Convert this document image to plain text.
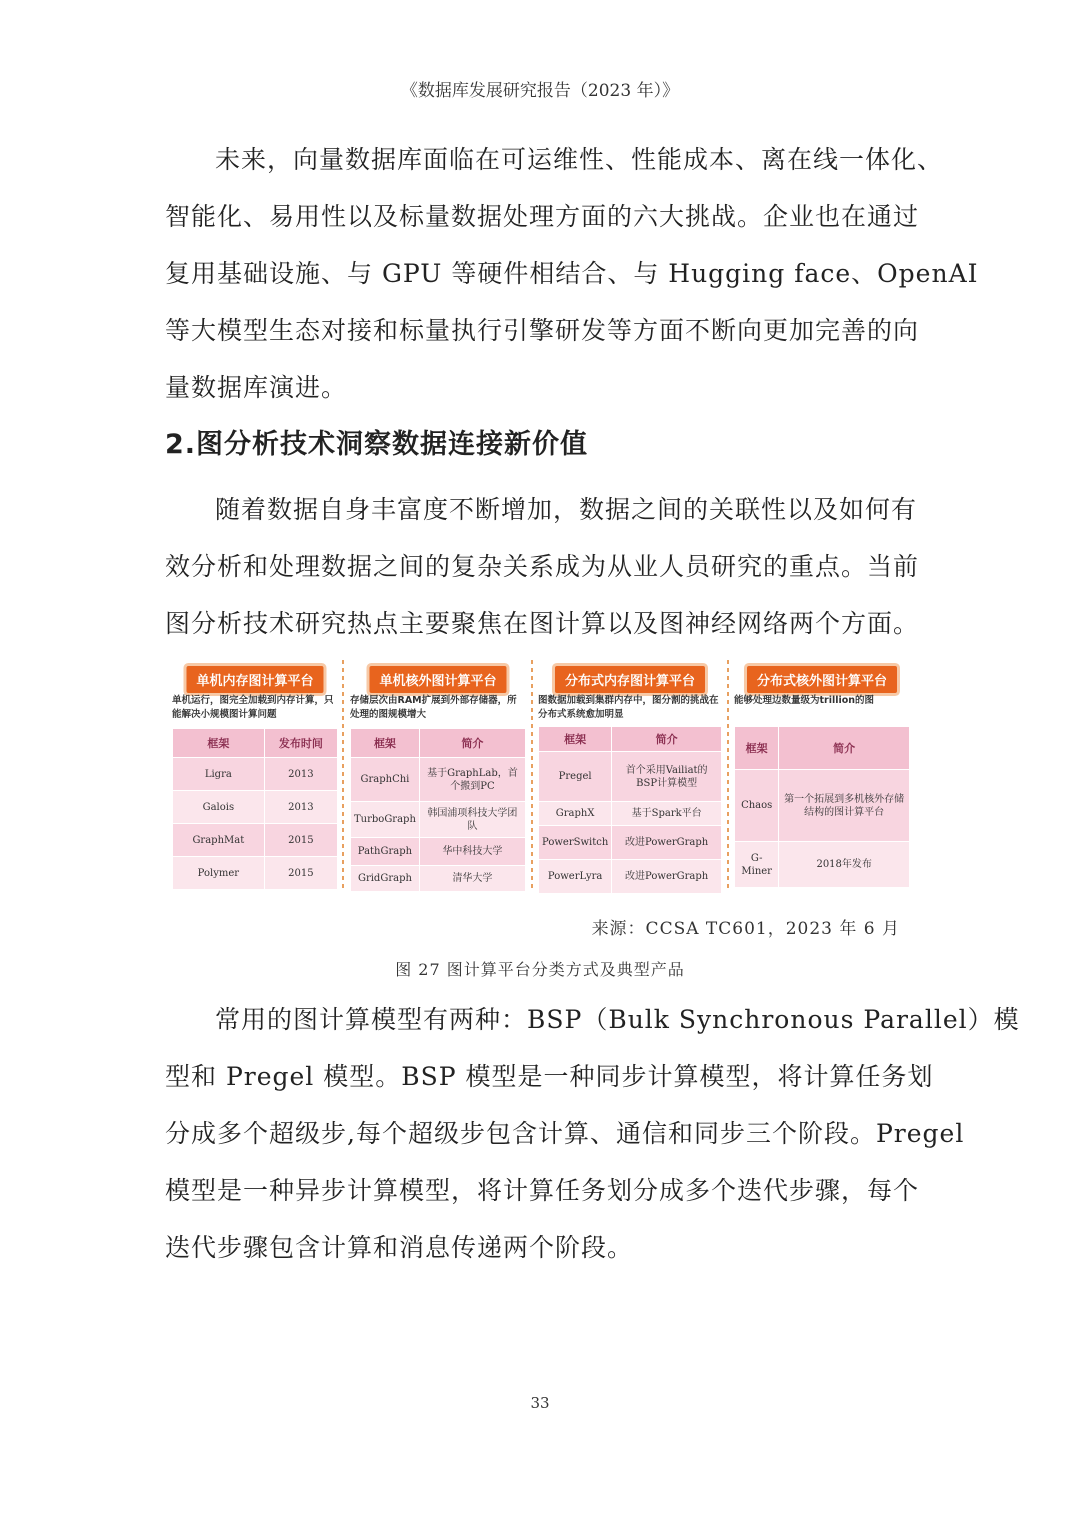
《数据库发展研究报告（2023 年）》
未来，向量数据库面临在可运维性、性能成本、离在线一体化、
智能化、易用性以及标量数据处理方面的六大挑战。企业也在通过
复用基础设施、与 GPU 等硬件相结合、与 Hugging face、OpenAI
等大模型生态对接和标量执行引擎研发等方面不断向更加完善的向
量数据库演进。
2.图分析技术洞察数据连接新价值
随着数据自身丰富度不断增加，数据之间的关联性以及如何有
效分析和处理数据之间的复杂关系成为从业人员研究的重点。当前
图分析技术研究热点主要聚焦在图计算以及图神经网络两个方面。
单机内存图计算平台
单机运行，图完全加载到内存计算，只能解决小规模图计算问题
框架	发布时间
Ligra	2013
Galois	2013
GraphMat	2015
Polymer	2015
单机核外图计算平台
存储层次由RAM扩展到外部存储器，所处理的图规模增大
框架	简介
GraphChi	基于GraphLab，首个搬到PC
TurboGraph	韩国浦项科技大学团队
PathGraph	华中科技大学
GridGraph	清华大学
分布式内存图计算平台
图数据加载到集群内存中，图分割的挑战在分布式系统愈加明显
框架	简介
Pregel	首个采用Vailiat的BSP计算模型
GraphX	基于Spark平台
PowerSwitch	改进PowerGraph
PowerLyra	改进PowerGraph
分布式核外图计算平台
能够处理边数量级为trillion的图
框架	简介
Chaos	第一个拓展到多机核外存储结构的图计算平台
G-Miner	2018年发布
来源：CCSA TC601，2023 年 6 月
图 27 图计算平台分类方式及典型产品
常用的图计算模型有两种：BSP（Bulk Synchronous Parallel）模
型和 Pregel 模型。BSP 模型是一种同步计算模型，将计算任务划
分成多个超级步,每个超级步包含计算、通信和同步三个阶段。Pregel
模型是一种异步计算模型，将计算任务划分成多个迭代步骤，每个
迭代步骤包含计算和消息传递两个阶段。
33
